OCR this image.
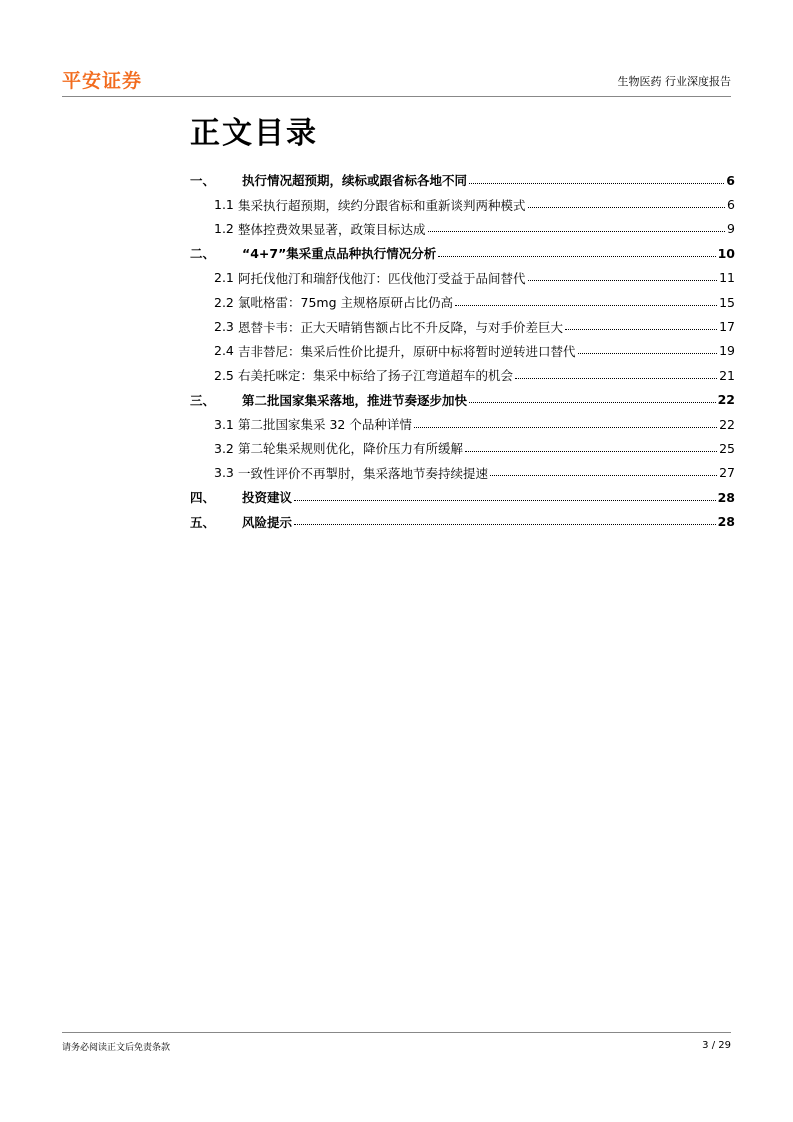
平安证券	生物医药 行业深度报告
正文目录
一、	执行情况超预期，续标或跟省标各地不同	6
1.1 集采执行超预期，续约分跟省标和重新谈判两种模式	6
1.2 整体控费效果显著，政策目标达成	9
二、	“4+7”集采重点品种执行情况分析	10
2.1 阿托伐他汀和瑞舒伐他汀：匹伐他汀受益于品间替代	11
2.2 氯吡格雷：75mg 主规格原研占比仍高	15
2.3 恩替卡韦：正大天晴销售额占比不升反降，与对手价差巨大	17
2.4 吉非替尼：集采后性价比提升，原研中标将暂时逆转进口替代	19
2.5 右美托咪定：集采中标给了扬子江弯道超车的机会	21
三、	第二批国家集采落地，推进节奏逐步加快	22
3.1 第二批国家集采 32 个品种详情	22
3.2 第二轮集采规则优化，降价压力有所缓解	25
3.3 一致性评价不再掣肘，集采落地节奏持续提速	27
四、	投资建议	28
五、	风险提示	28
请务必阅读正文后免责条款	3 / 29
